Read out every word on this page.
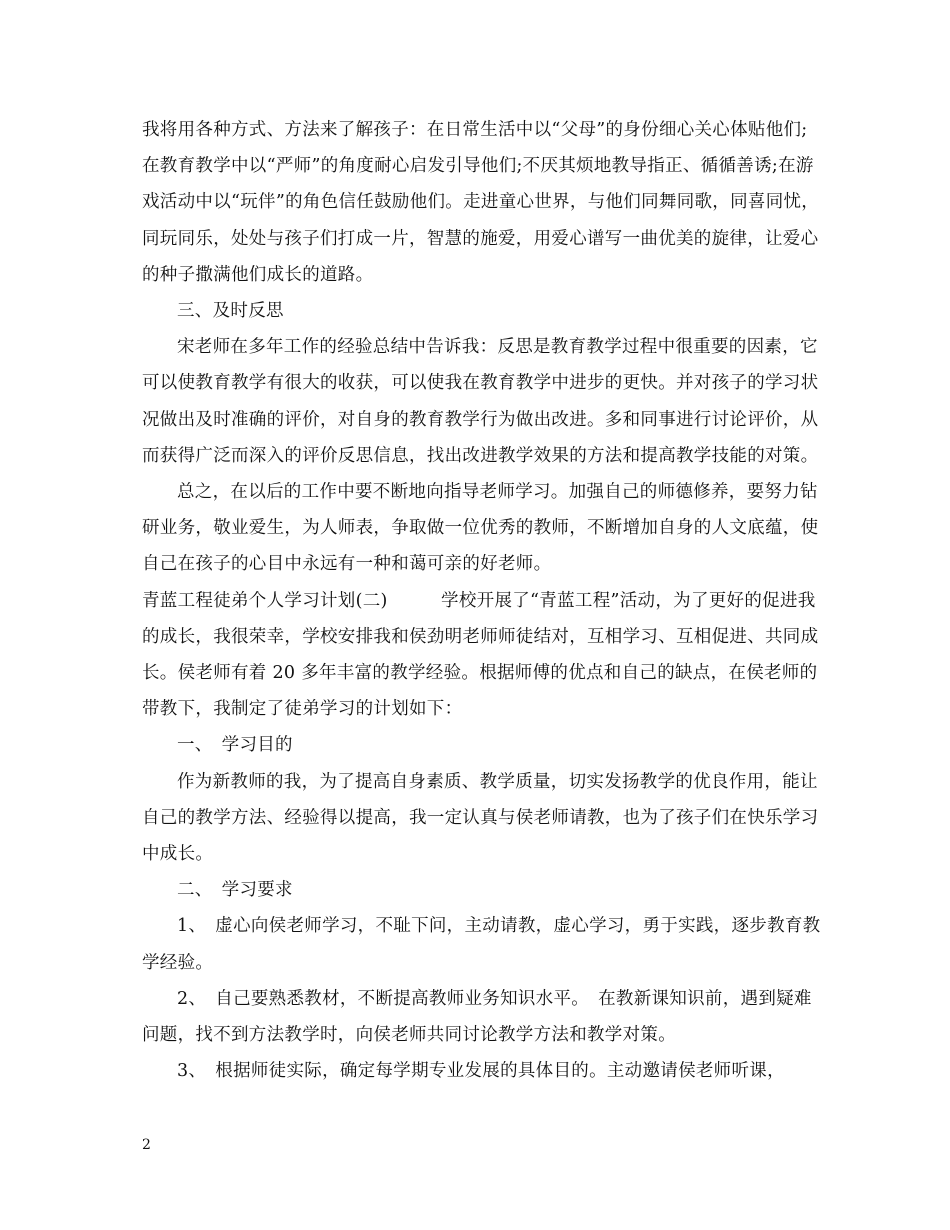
我将用各种方式、方法来了解孩子：在日常生活中以“父母”的身份细心关心体贴他们;在教育教学中以“严师”的角度耐心启发引导他们;不厌其烦地教导指正、循循善诱;在游戏活动中以“玩伴”的角色信任鼓励他们。走进童心世界，与他们同舞同歌，同喜同忧，同玩同乐，处处与孩子们打成一片，智慧的施爱，用爱心谱写一曲优美的旋律，让爱心的种子撒满他们成长的道路。

三、及时反思

宋老师在多年工作的经验总结中告诉我：反思是教育教学过程中很重要的因素，它可以使教育教学有很大的收获，可以使我在教育教学中进步的更快。并对孩子的学习状况做出及时准确的评价，对自身的教育教学行为做出改进。多和同事进行讨论评价，从而获得广泛而深入的评价反思信息，找出改进教学效果的方法和提高教学技能的对策。

总之，在以后的工作中要不断地向指导老师学习。加强自己的师德修养，要努力钻研业务，敬业爱生，为人师表，争取做一位优秀的教师，不断增加自身的人文底蕴，使自己在孩子的心目中永远有一种和蔼可亲的好老师。

青蓝工程徒弟个人学习计划(二)　　　学校开展了“青蓝工程”活动，为了更好的促进我的成长，我很荣幸，学校安排我和侯劲明老师师徒结对，互相学习、互相促进、共同成长。侯老师有着 20 多年丰富的教学经验。根据师傅的优点和自己的缺点，在侯老师的带教下，我制定了徒弟学习的计划如下：

一、　学习目的

作为新教师的我，为了提高自身素质、教学质量，切实发扬教学的优良作用，能让自己的教学方法、经验得以提高，我一定认真与侯老师请教，也为了孩子们在快乐学习中成长。

二、　学习要求

1、　虚心向侯老师学习，不耻下问，主动请教，虚心学习，勇于实践，逐步教育教学经验。

2、　自己要熟悉教材，不断提高教师业务知识水平。　在教新课知识前，遇到疑难问题，找不到方法教学时，向侯老师共同讨论教学方法和教学对策。

3、　根据师徒实际，确定每学期专业发展的具体目的。主动邀请侯老师听课，

2
